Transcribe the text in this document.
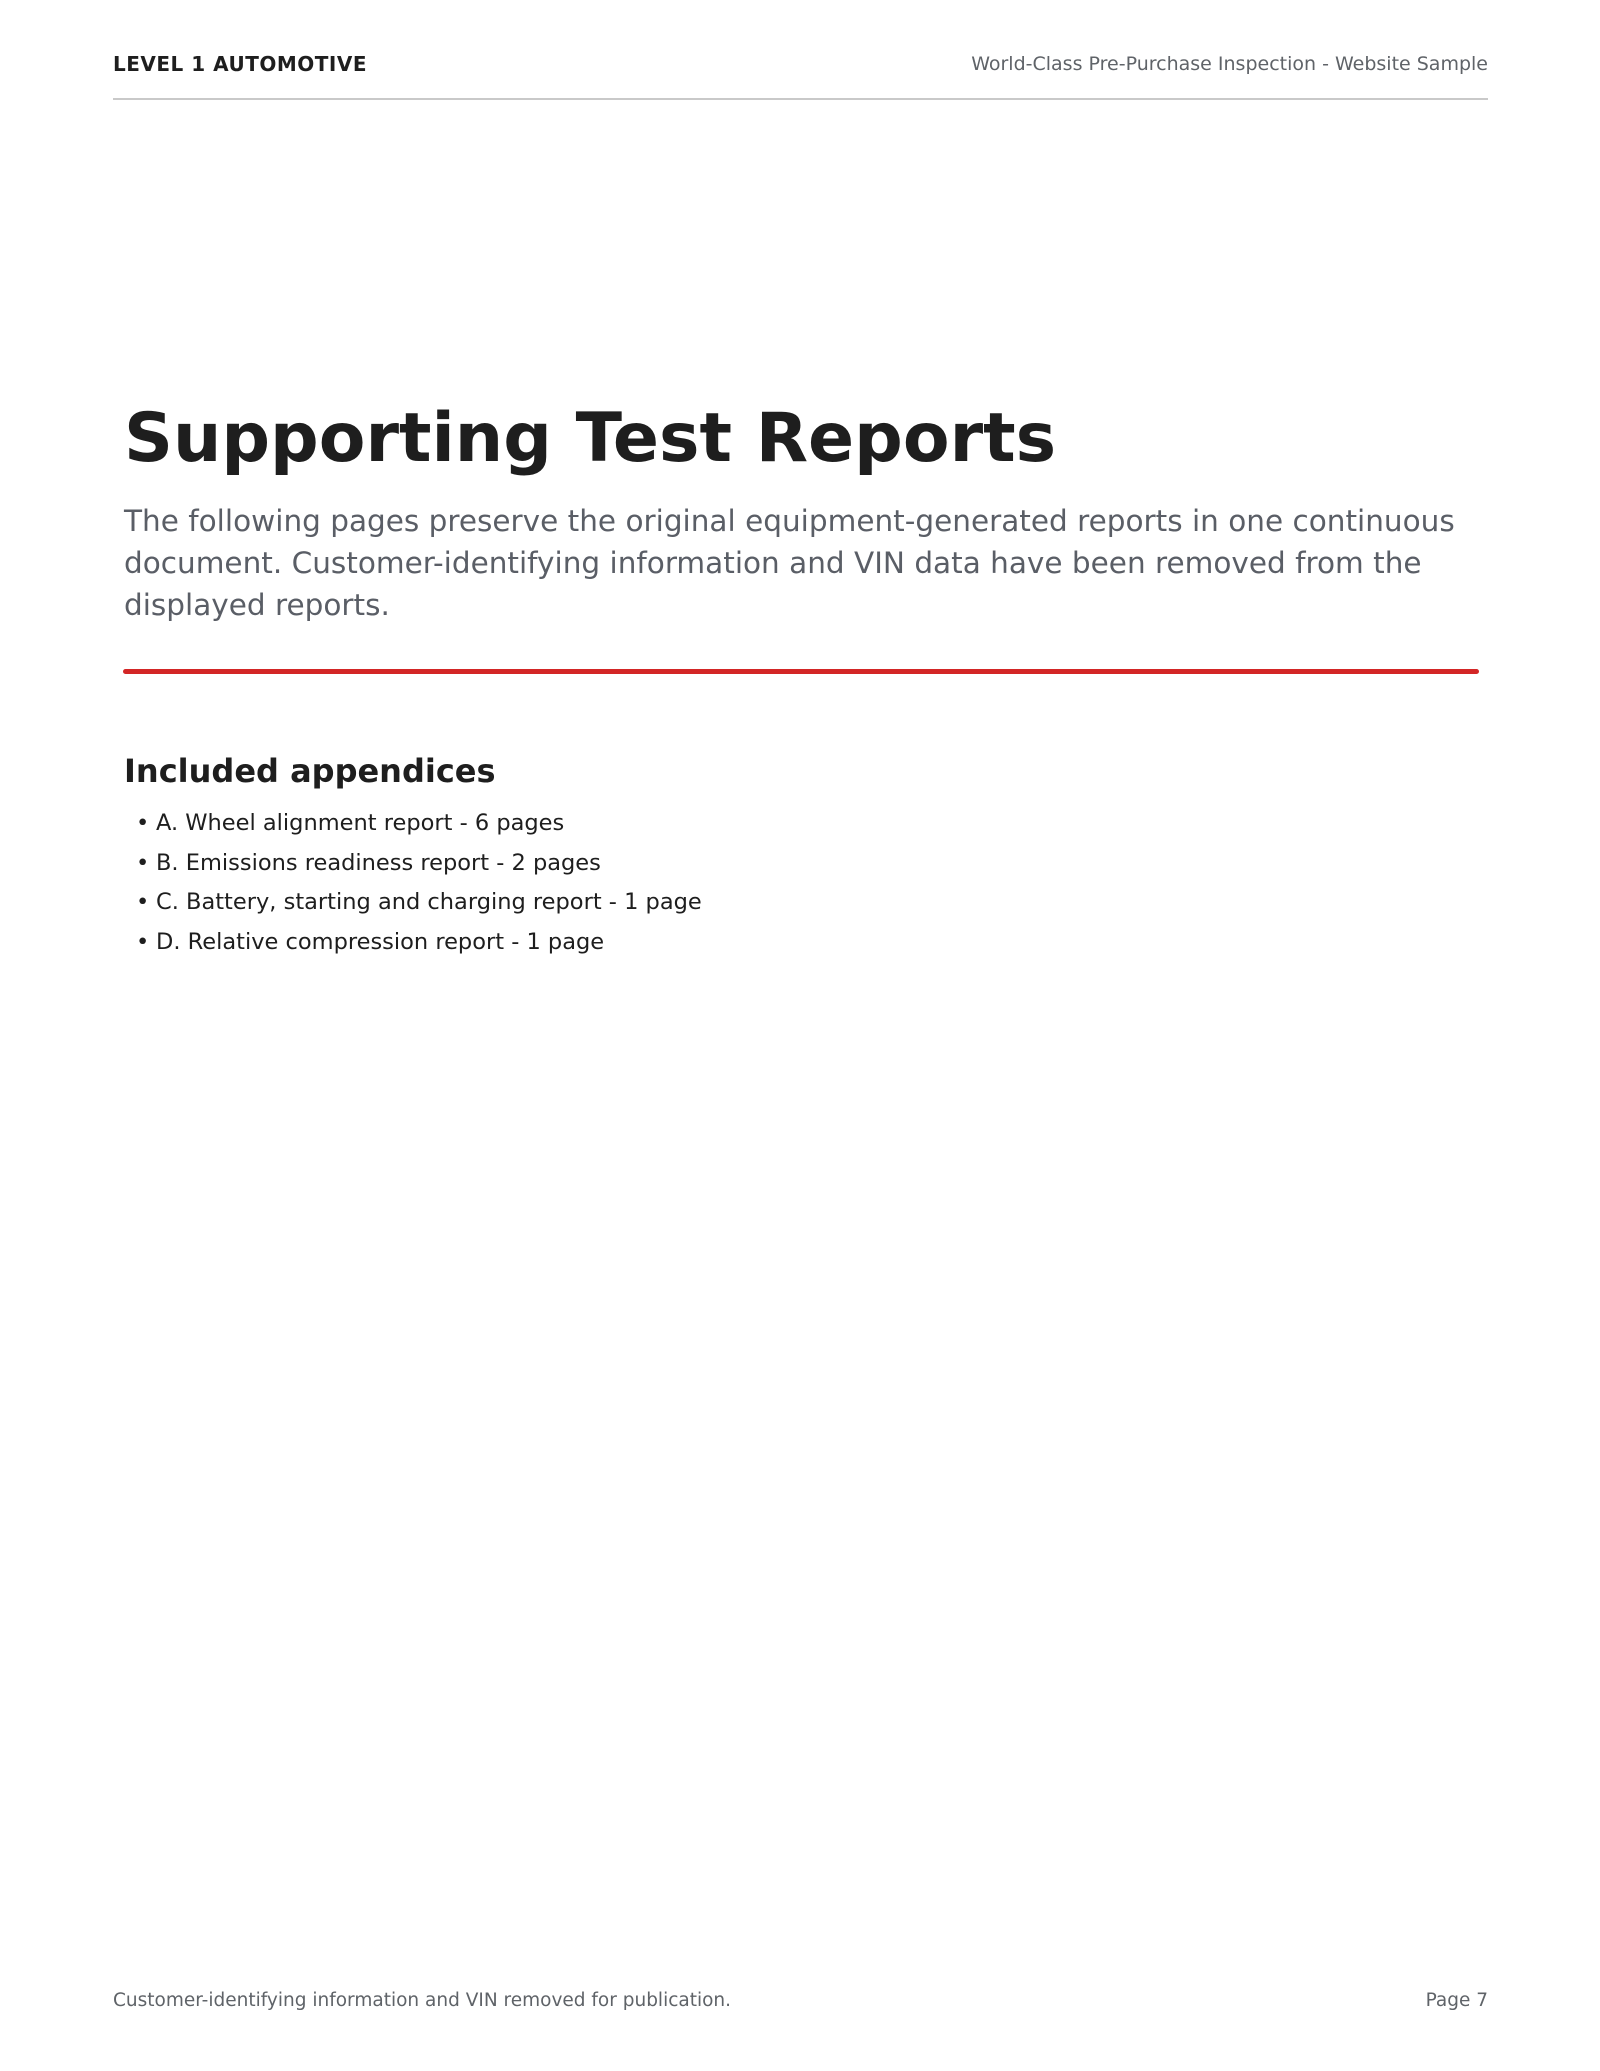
LEVEL 1 AUTOMOTIVE	World-Class Pre-Purchase Inspection - Website Sample
Supporting Test Reports

The following pages preserve the original equipment-generated reports in one continuous document. Customer-identifying information and VIN data have been removed from the displayed reports.

Included appendices
• A. Wheel alignment report - 6 pages
• B. Emissions readiness report - 2 pages
• C. Battery, starting and charging report - 1 page
• D. Relative compression report - 1 page
Customer-identifying information and VIN removed for publication.	Page 7
